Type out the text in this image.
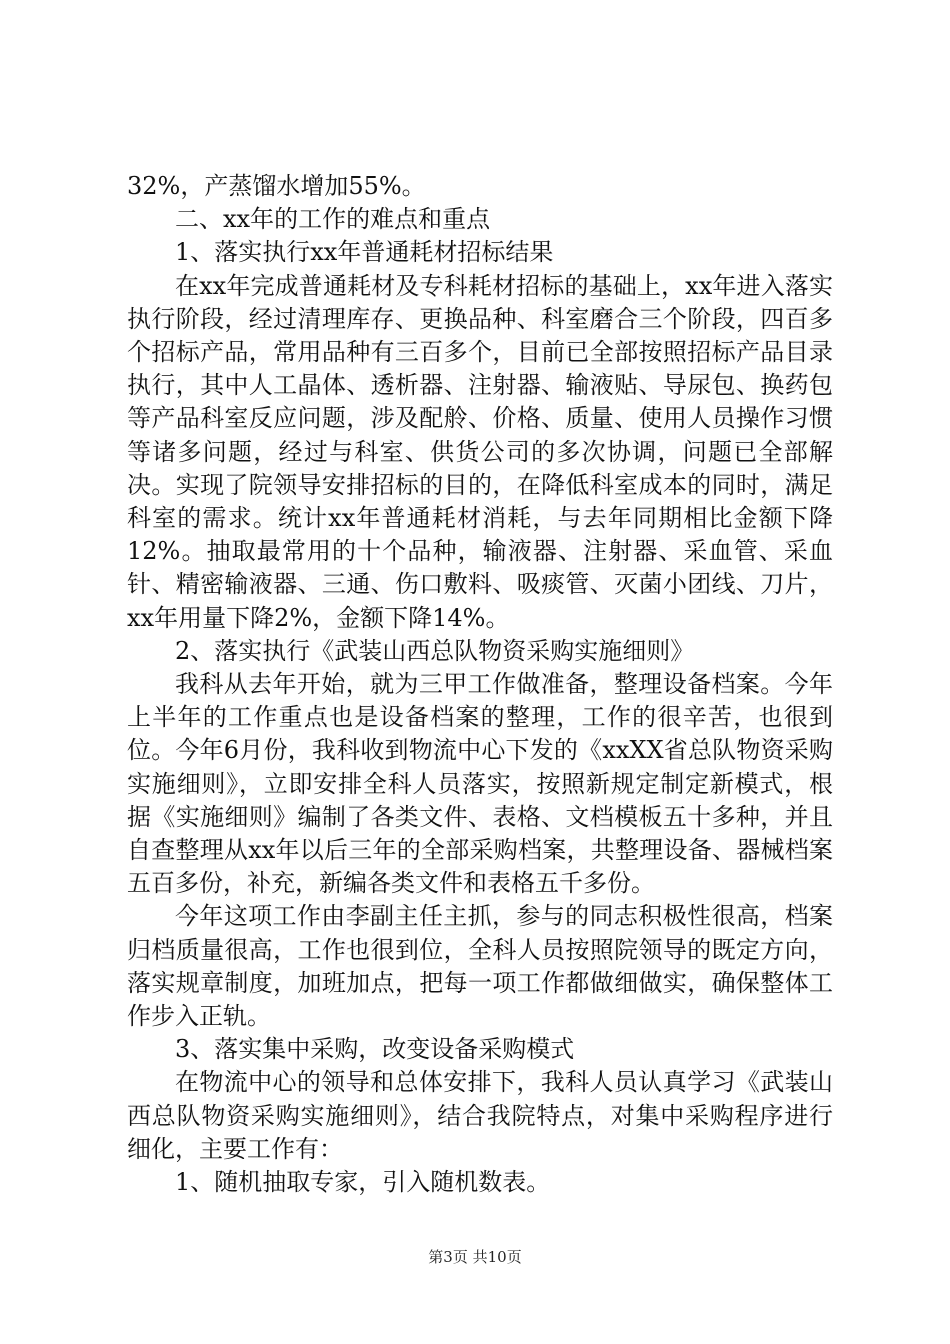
32%，产蒸馏水增加55%。

二、xx年的工作的难点和重点

1、落实执行xx年普通耗材招标结果

在xx年完成普通耗材及专科耗材招标的基础上，xx年进入落实执行阶段，经过清理库存、更换品种、科室磨合三个阶段，四百多个招标产品，常用品种有三百多个，目前已全部按照招标产品目录执行，其中人工晶体、透析器、注射器、输液贴、导尿包、换药包等产品科室反应问题，涉及配舲、价格、质量、使用人员操作习惯等诸多问题，经过与科室、供货公司的多次协调，问题已全部解决。实现了院领导安排招标的目的，在降低科室成本的同时，满足科室的需求。统计xx年普通耗材消耗，与去年同期相比金额下降12%。抽取最常用的十个品种，输液器、注射器、采血管、采血针、精密输液器、三通、伤口敷料、吸痰管、灭菌小团线、刀片，xx年用量下降2%，金额下降14%。

2、落实执行《武装山西总队物资采购实施细则》

我科从去年开始，就为三甲工作做准备，整理设备档案。今年上半年的工作重点也是设备档案的整理，工作的很辛苦，也很到位。今年6月份，我科收到物流中心下发的《xxXX省总队物资采购实施细则》，立即安排全科人员落实，按照新规定制定新模式，根据《实施细则》编制了各类文件、表格、文档模板五十多种，并且自查整理从xx年以后三年的全部采购档案，共整理设备、器械档案五百多份，补充，新编各类文件和表格五千多份。

今年这项工作由李副主任主抓，参与的同志积极性很高，档案归档质量很高，工作也很到位，全科人员按照院领导的既定方向，落实规章制度，加班加点，把每一项工作都做细做实，确保整体工作步入正轨。

3、落实集中采购，改变设备采购模式

在物流中心的领导和总体安排下，我科人员认真学习《武装山西总队物资采购实施细则》，结合我院特点，对集中采购程序进行细化，主要工作有：

1、随机抽取专家，引入随机数表。

第3页 共10页
